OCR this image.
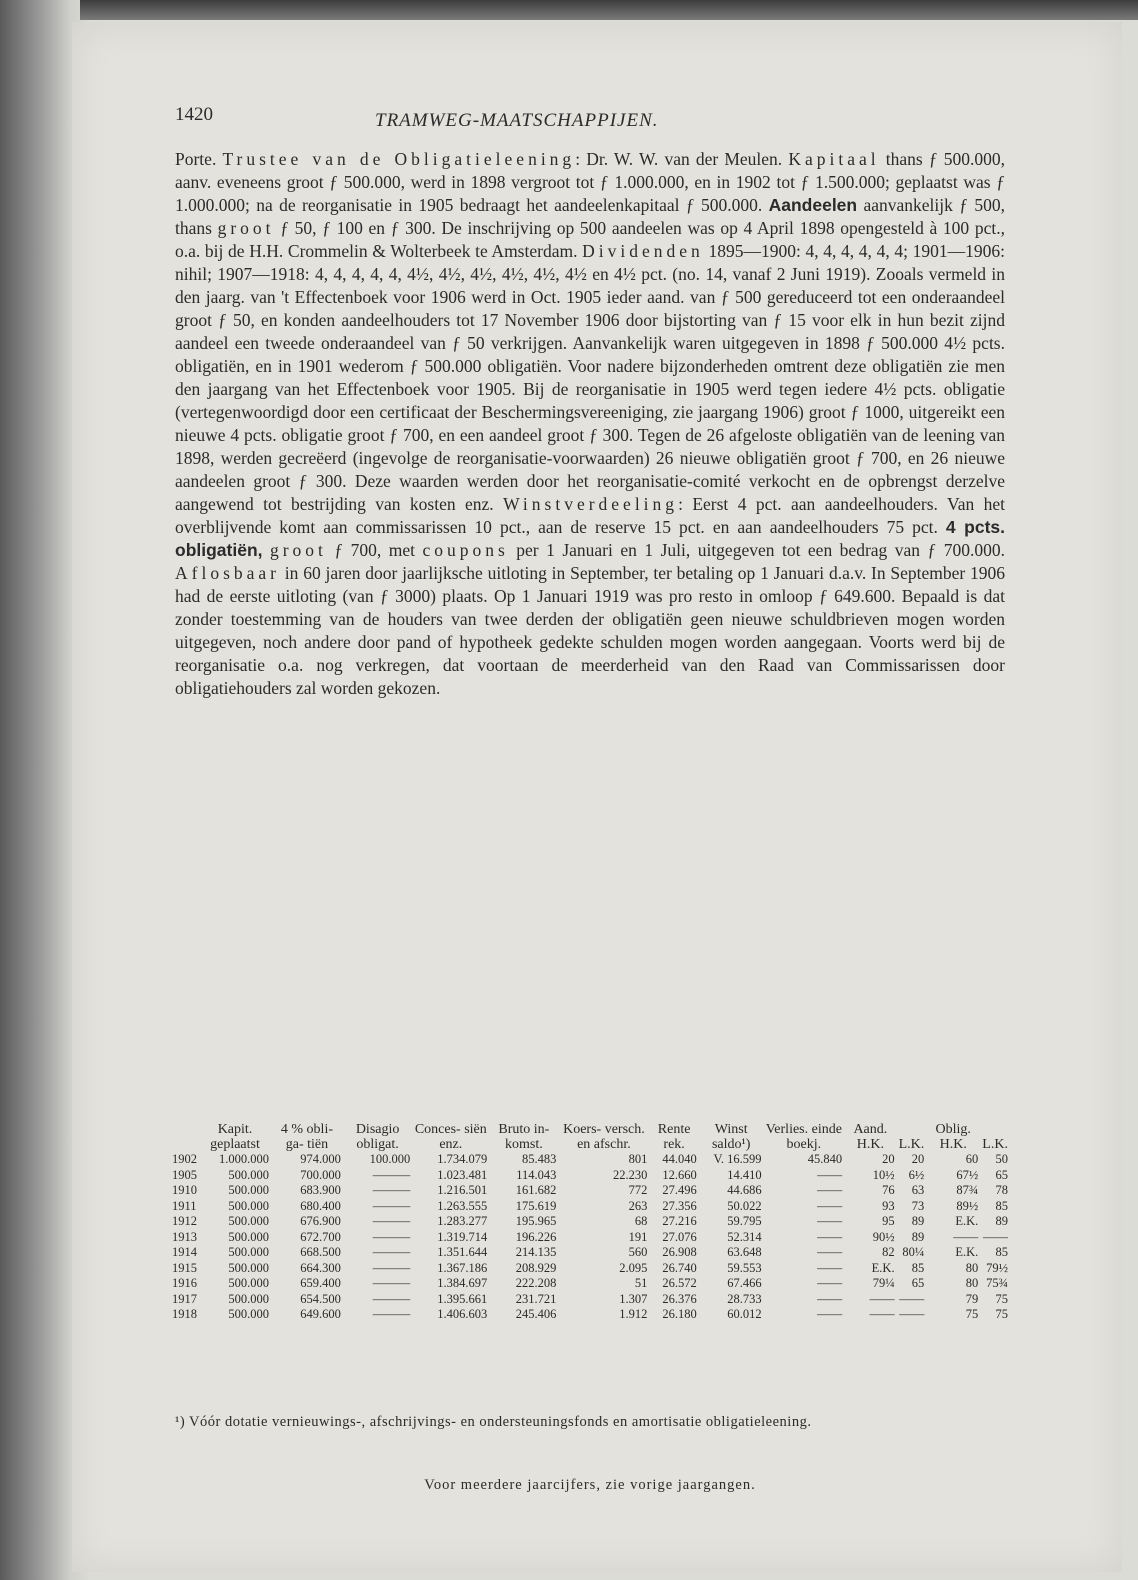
1420	TRAMWEG-MAATSCHAPPIJEN.

Porte. Trustee van de Obligatieleening: Dr. W. W. van der Meulen. Kapitaal thans ƒ 500.000, aanv. eveneens groot ƒ 500.000, werd in 1898 vergroot tot ƒ 1.000.000, en in 1902 tot ƒ 1.500.000; geplaatst was ƒ 1.000.000; na de reorganisatie in 1905 bedraagt het aandeelenkapitaal ƒ 500.000. Aandeelen aanvankelijk ƒ 500, thans groot ƒ 50, ƒ 100 en ƒ 300. De inschrijving op 500 aandeelen was op 4 April 1898 opengesteld à 100 pct., o.a. bij de H.H. Crommelin & Wolterbeek te Amsterdam. Dividenden 1895—1900: 4, 4, 4, 4, 4, 4; 1901—1906: nihil; 1907—1918: 4, 4, 4, 4, 4, 4½, 4½, 4½, 4½, 4½, 4½ en 4½ pct. (no. 14, vanaf 2 Juni 1919). Zooals vermeld in den jaarg. van 't Effectenboek voor 1906 werd in Oct. 1905 ieder aand. van ƒ 500 gereduceerd tot een onderaandeel groot ƒ 50, en konden aandeelhouders tot 17 November 1906 door bijstorting van ƒ 15 voor elk in hun bezit zijnd aandeel een tweede onderaandeel van ƒ 50 verkrijgen. Aanvankelijk waren uitgegeven in 1898 ƒ 500.000 4½ pcts. obligatiën, en in 1901 wederom ƒ 500.000 obligatiën. Voor nadere bijzonderheden omtrent deze obligatiën zie men den jaargang van het Effectenboek voor 1905. Bij de reorganisatie in 1905 werd tegen iedere 4½ pcts. obligatie (vertegenwoordigd door een certificaat der Beschermingsvereeniging, zie jaargang 1906) groot ƒ 1000, uitgereikt een nieuwe 4 pcts. obligatie groot ƒ 700, en een aandeel groot ƒ 300. Tegen de 26 afgeloste obligatiën van de leening van 1898, werden gecreëerd (ingevolge de reorganisatie-voorwaarden) 26 nieuwe obligatiën groot ƒ 700, en 26 nieuwe aandeelen groot ƒ 300. Deze waarden werden door het reorganisatie-comité verkocht en de opbrengst derzelve aangewend tot bestrijding van kosten enz. Winstverdeeling: Eerst 4 pct. aan aandeelhouders. Van het overblijvende komt aan commissarissen 10 pct., aan de reserve 15 pct. en aan aandeelhouders 75 pct. 4 pcts. obligatiën, groot ƒ 700, met coupons per 1 Januari en 1 Juli, uitgegeven tot een bedrag van ƒ 700.000. Aflosbaar in 60 jaren door jaarlijksche uitloting in September, ter betaling op 1 Januari d.a.v. In September 1906 had de eerste uitloting (van ƒ 3000) plaats. Op 1 Januari 1919 was pro resto in omloop ƒ 649.600. Bepaald is dat zonder toestemming van de houders van twee derden der obligatiën geen nieuwe schuldbrieven mogen worden uitgegeven, noch andere door pand of hypotheek gedekte schulden mogen worden aangegaan. Voorts werd bij de reorganisatie o.a. nog verkregen, dat voortaan de meerderheid van den Raad van Commissarissen door obligatiehouders zal worden gekozen.

	Kapit. geplaatst	4 % obli- ga- tiën	Disagio obligat.	Conces- siën enz.	Bruto in- komst.	Koers- versch. en afschr.	Rente rek.	Winst saldo¹)	Verlies. einde boekj.	Aand. H.K.	L.K.	Oblig. H.K.	L.K.
1902	1.000.000	974.000	100.000	1.734.079	85.483	801	44.040	V. 16.599	45.840	20	20	60	50
1905	500.000	700.000	———	1.023.481	114.043	22.230	12.660	14.410	——	10½	6½	67½	65
1910	500.000	683.900	———	1.216.501	161.682	772	27.496	44.686	——	76	63	87¾	78
1911	500.000	680.400	———	1.263.555	175.619	263	27.356	50.022	——	93	73	89½	85
1912	500.000	676.900	———	1.283.277	195.965	68	27.216	59.795	——	95	89	E.K.	89
1913	500.000	672.700	———	1.319.714	196.226	191	27.076	52.314	——	90½	89	——	——
1914	500.000	668.500	———	1.351.644	214.135	560	26.908	63.648	——	82	80¼	E.K.	85
1915	500.000	664.300	———	1.367.186	208.929	2.095	26.740	59.553	——	E.K.	85	80	79½
1916	500.000	659.400	———	1.384.697	222.208	51	26.572	67.466	——	79¼	65	80	75¾
1917	500.000	654.500	———	1.395.661	231.721	1.307	26.376	28.733	——	——	——	79	75
1918	500.000	649.600	———	1.406.603	245.406	1.912	26.180	60.012	——	——	——	75	75
¹) Vóór dotatie vernieuwings-, afschrijvings- en ondersteuningsfonds en amortisatie obligatieleening.
Voor meerdere jaarcijfers, zie vorige jaargangen.
